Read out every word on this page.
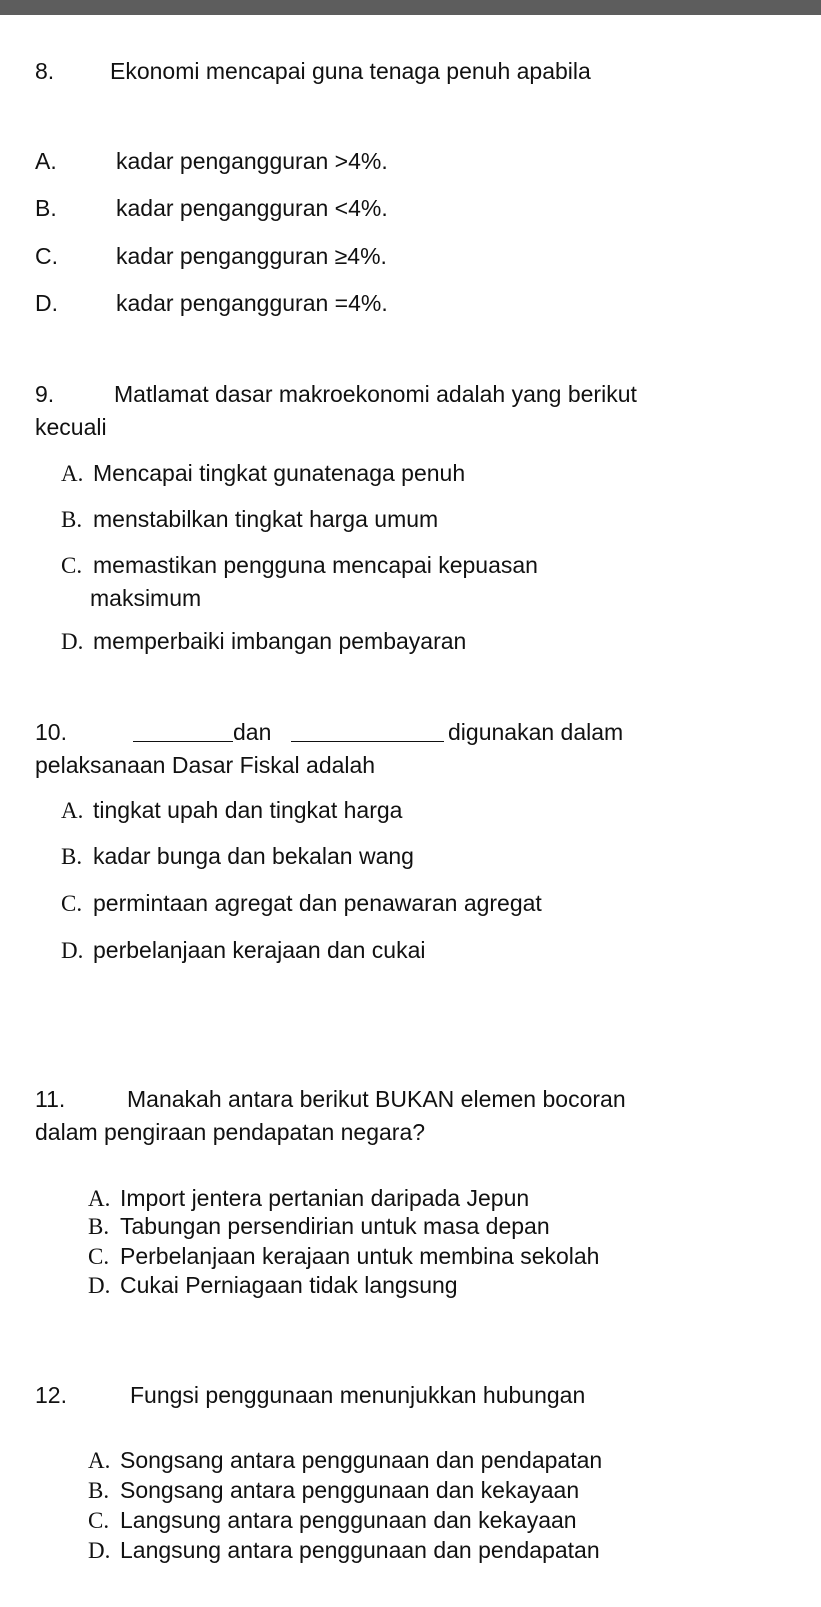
8. Ekonomi mencapai guna tenaga penuh apabila
A.	kadar pengangguran >4%.
B.	kadar pengangguran <4%.
C.	kadar pengangguran ≥4%.
D.	kadar pengangguran =4%.
9.	Matlamat dasar makroekonomi adalah yang berikut
kecuali
A. Mencapai tingkat gunatenaga penuh
B. menstabilkan tingkat harga umum
C. memastikan pengguna mencapai kepuasan
maksimum
D. memperbaiki imbangan pembayaran
10.	dan	digunakan dalam
pelaksanaan Dasar Fiskal adalah
A. tingkat upah dan tingkat harga
B. kadar bunga dan bekalan wang
C. permintaan agregat dan penawaran agregat
D. perbelanjaan kerajaan dan cukai
11.	Manakah antara berikut BUKAN elemen bocoran
dalam pengiraan pendapatan negara?
A. Import jentera pertanian daripada Jepun
B. Tabungan persendirian untuk masa depan
C. Perbelanjaan kerajaan untuk membina sekolah
D. Cukai Perniagaan tidak langsung
12.	Fungsi penggunaan menunjukkan hubungan
A. Songsang antara penggunaan dan pendapatan
B. Songsang antara penggunaan dan kekayaan
C. Langsung antara penggunaan dan kekayaan
D. Langsung antara penggunaan dan pendapatan
